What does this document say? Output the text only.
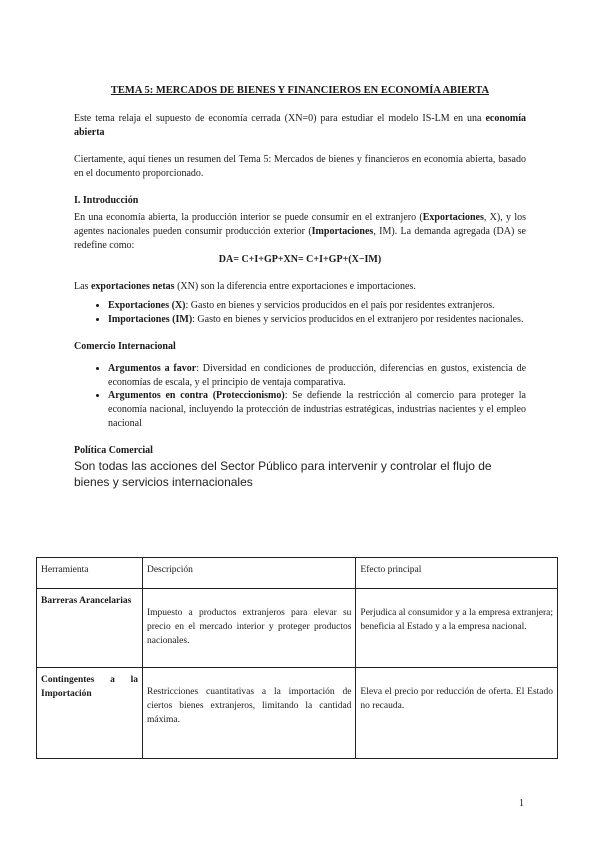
TEMA 5: MERCADOS DE BIENES Y FINANCIEROS EN ECONOMÍA ABIERTA

Este tema relaja el supuesto de economía cerrada (XN=0) para estudiar el modelo IS-LM en una economía abierta

Ciertamente, aquí tienes un resumen del Tema 5: Mercados de bienes y financieros en economía abierta, basado en el documento proporcionado.

I. Introducción

En una economía abierta, la producción interior se puede consumir en el extranjero (Exportaciones, X), y los agentes nacionales pueden consumir producción exterior (Importaciones, IM). La demanda agregada (DA) se redefine como:

DA= C+I+GP+XN= C+I+GP+(X−IM)

Las exportaciones netas (XN) son la diferencia entre exportaciones e importaciones.

• Exportaciones (X): Gasto en bienes y servicios producidos en el país por residentes extranjeros.
• Importaciones (IM): Gasto en bienes y servicios producidos en el extranjero por residentes nacionales.

Comercio Internacional

• Argumentos a favor: Diversidad en condiciones de producción, diferencias en gustos, existencia de economías de escala, y el principio de ventaja comparativa.
• Argumentos en contra (Proteccionismo): Se defiende la restricción al comercio para proteger la economía nacional, incluyendo la protección de industrias estratégicas, industrias nacientes y el empleo nacional

Política Comercial

Son todas las acciones del Sector Público para intervenir y controlar el flujo de bienes y servicios internacionales

Herramienta	Descripción	Efecto principal
Barreras Arancelarias	Impuesto a productos extranjeros para elevar su precio en el mercado interior y proteger productos nacionales.	Perjudica al consumidor y a la empresa extranjera; beneficia al Estado y a la empresa nacional.
Contingentes a la Importación	Restricciones cuantitativas a la importación de ciertos bienes extranjeros, limitando la cantidad máxima.	Eleva el precio por reducción de oferta. El Estado no recauda.
1
